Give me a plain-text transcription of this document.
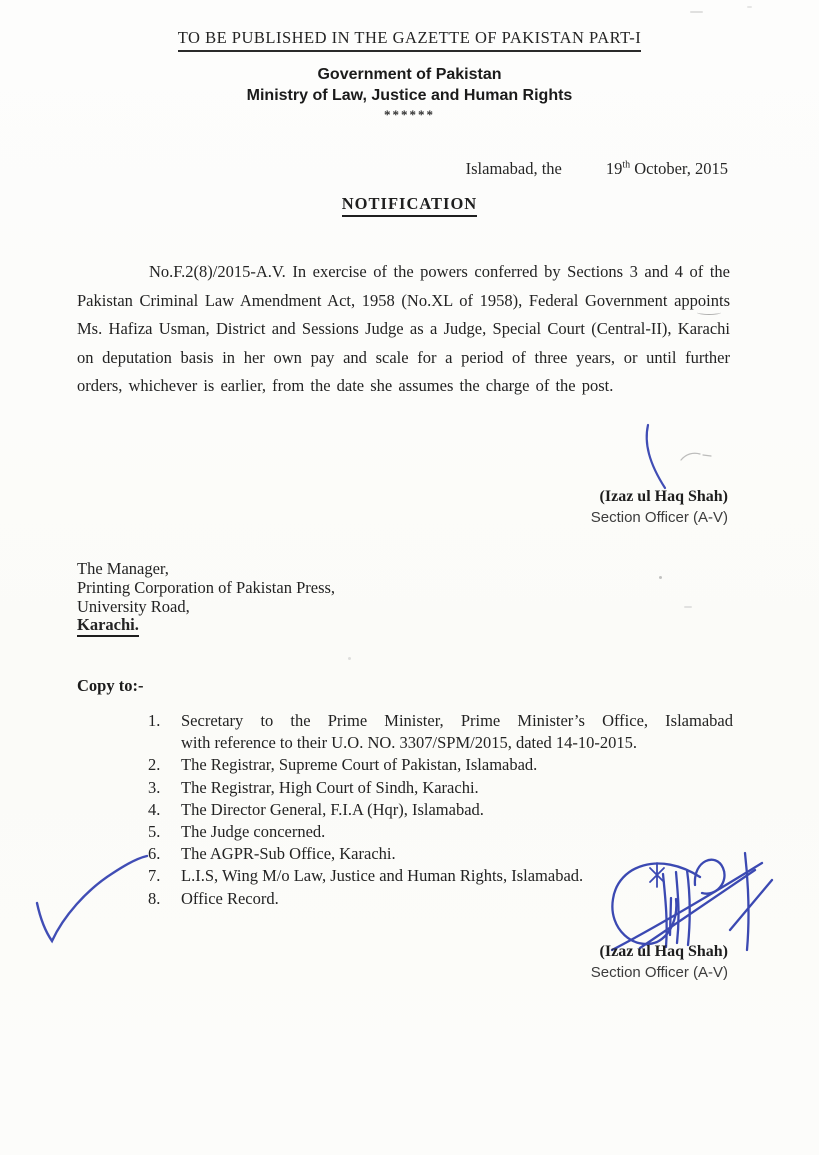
TO BE PUBLISHED IN THE GAZETTE OF PAKISTAN PART-I
Government of Pakistan
Ministry of Law, Justice and Human Rights
******
Islamabad, the	19th October, 2015
NOTIFICATION
No.F.2(8)/2015-A.V. In exercise of the powers conferred by Sections 3 and 4 of the Pakistan Criminal Law Amendment Act, 1958 (No.XL of 1958), Federal Government appoints Ms. Hafiza Usman, District and Sessions Judge as a Judge, Special Court (Central-II), Karachi on deputation basis in her own pay and scale for a period of three years, or until further orders, whichever is earlier, from the date she assumes the charge of the post.
(Izaz ul Haq Shah)
Section Officer (A-V)
The Manager,
Printing Corporation of Pakistan Press,
University Road,
Karachi.
Copy to:-
1.	Secretary to the Prime Minister, Prime Minister’s Office, Islamabad
with reference to their U.O. NO. 3307/SPM/2015, dated 14-10-2015.
2.	The Registrar, Supreme Court of Pakistan, Islamabad.
3.	The Registrar, High Court of Sindh, Karachi.
4.	The Director General, F.I.A (Hqr), Islamabad.
5.	The Judge concerned.
6.	The AGPR-Sub Office, Karachi.
7.	L.I.S, Wing M/o Law, Justice and Human Rights, Islamabad.
8.	Office Record.
(Izaz ul Haq Shah)
Section Officer (A-V)
